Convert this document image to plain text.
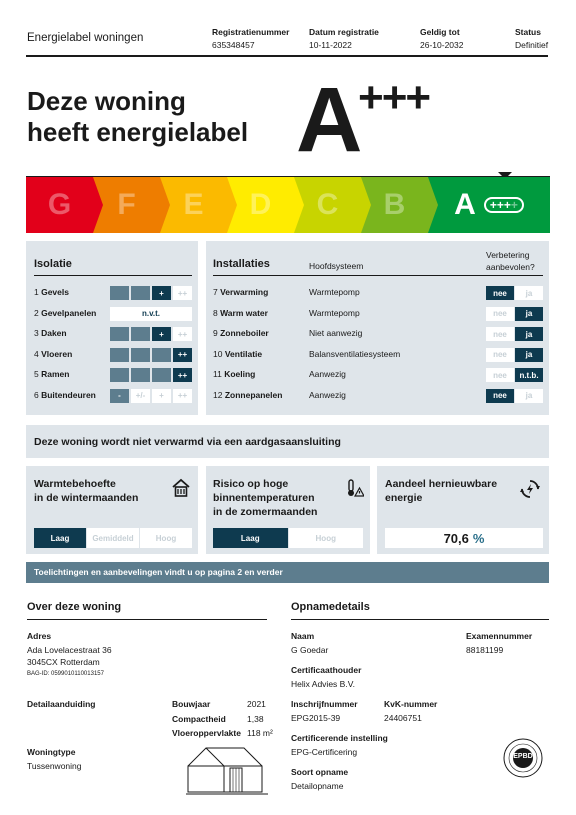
Energielabel woningen	Registratienummer
635348457
Datum registratie
10-11-2022
Geldig tot
26-10-2032
Status
Definitief
Deze woning
heeft energielabel A
+++
G F E D C B A +++ +
Isolatie
1 Gevels	+	++
2 Gevelpanelen	n.v.t.
3 Daken	+	++
4 Vloeren	++
5 Ramen	++
6 Buitendeuren	-	+/-	+	++
Installaties	Hoofdsysteem
Verbetering
aanbevolen?
7 Verwarming	Warmtepomp	nee	ja
8 Warm water	Warmtepomp	nee	ja
9 Zonneboiler	Niet aanwezig	nee	ja
10 Ventilatie	Balansventilatiesysteem	nee	ja
11 Koeling	Aanwezig	nee	n.t.b.
12 Zonnepanelen	Aanwezig	nee	ja
Deze woning wordt niet verwarmd via een aardgasaansluiting
Warmtebehoefte
in de wintermaanden
Laag	Gemiddeld	Hoog
Risico op hoge
binnentemperaturen
in de zomermaanden
Laag	Hoog
Aandeel hernieuwbare
energie
70,6 %
Toelichtingen en aanbevelingen vindt u op pagina 2 en verder
Over deze woning
Adres
Ada Lovelacestraat 36
3045CX Rotterdam
BAG-ID: 0599010110013157
Detailaanduiding	Bouwjaar	2021
Compactheid 1,38
Vloeroppervlakte 118 m²
Woningtype
Tussenwoning
Opnamedetails
Naam
G Goedar
Examennummer
88181199
Certificaathouder
Helix Advies B.V.
Inschrijfnummer
EPG2015-39
KvK-nummer
24406751
Certificerende instelling
EPG-Certificering
Soort opname
Detailopname
EPBD
